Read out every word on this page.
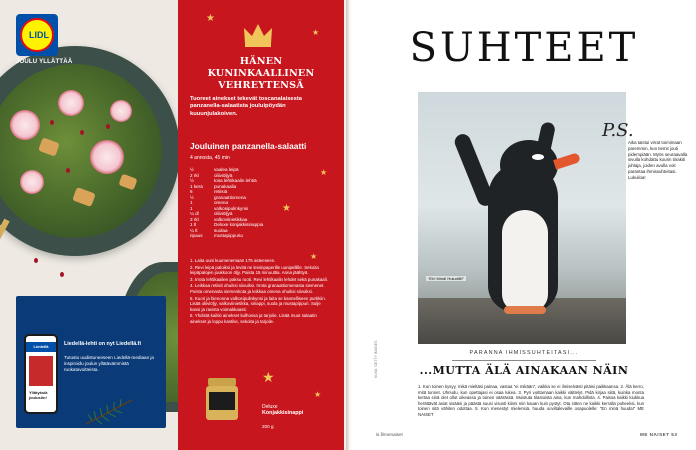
LIDL
JOULU YLLÄTTÄÄ
Liedellä
Yllätyksiä joulusiin!
Liedellä-lehti on nyt Liedellä.fi
Tutustu uudistuneeseen Liedellä-mediaan ja inspiroidu joulun yllätävämmistä ruokatavoitteista.
★
★
★
★
★
★
★
HÄNEN KUNINKAALLINEN VEHREYTENSÄ
Tuoreet ainekset tekevät toscanalaisesta panzanella-salaatista jouluipöydän kuuunjulakoiven.
Jouluinen panzanella-salaatti
4 annosta, 45 min
½	vaalea leipä
2 rkl	oliiviöljyä
½	tosa lehtikaalin lehtiä
1 kerä	punakaalia
6	retiisiä
½	granaattiomena
1	omena
1	valkosipulinkynsi
¼ dl	oliiviöljyä
3 rkl	valkoviinietikkaa
1 tl	Deluxe konjakkisinappia
¼ tl	suolaa
ripaus	mustapippuria
1. Laita uuni kuumenemaan 175 asteeseen.
2. Revi leipä paloiksi ja levitä ne leivinpaperille uunipellille. Sekoita leipäpalojen joukkoon öljy. Paista 15 minuuttia. Anna jäähtyä.
3. Irrota lehtikaalien paksu ruoti. Revi lehtikaalin lehdet sekä punakaali.
4. Leikkaa retiisit ohuiksi siivuiksi. Irrota granaattiomenasta siemenet. Poista omenasta siemenkota ja leikkaa omena ohuiksi siivuiksi.
5. Kuori ja hienonna valkosipulinkynsi ja laita se kannelliseen purkkiin. Lisää oliiviöljy, valkoviinietikka, sinappi, suola ja mustapippuri. Sulje kansi ja ravista voimakkaasti.
6. Yhdistä kaikki ainekset kulhossa ja tarjoile. Lisää muut salaatin ainekset ja loppu kastike, sekoita ja tarjoile.
Deluxe
Konjakkisinappi
200 g
SUHTEET
“Eh! Minä! Huludiili!”
P.S.
Aika taistui virrat toimimaan paremmin, kun tiemit jouti pidempiään. Myös seuraavalla sivulla kohdattu kourin tiirakiti juhlaja, joiden avulla voit parantaa ihmissuhteitasi. Lukuiloa!
KUVA: GETTY IMAGES	PARANNA IHMISSUHTEITASI...
...MUTTA ÄLÄ AINAKAAN NÄIN
1. Kun toinen kysyy, mikä mieltäsi painaa, vastaa “ei mikään”, vaikka se ei ilmiselvästi pitäisi paikkaansa. 2. Älä kerro, mitä tunnet. Uhriudu, kun opettajasi ei osaa lukea. 3. Pyri voittamaan kaikki väittelyt. Pidä kirjaa siitä, kuinka monta kertaa sinä olet ollut oikeassa ja toinen väärässä. Muistuta tilastoista aina, kun mahdollista. 4. Paissa kaikki kiukkua herättävät asiat sisääsi ja päästä suusi visusti kiinni niin kauan kuin pystyt. Ota sitten ne kaikki kerralla puheeksi, kun toinen sitä vähiten odottaa. 5. Kun menestyt mielensiä, huuda ooviltalevaille osapuolelle: “En minä huuda!” ME NAISET
is.fi/menaiset	ME NAISET 53
